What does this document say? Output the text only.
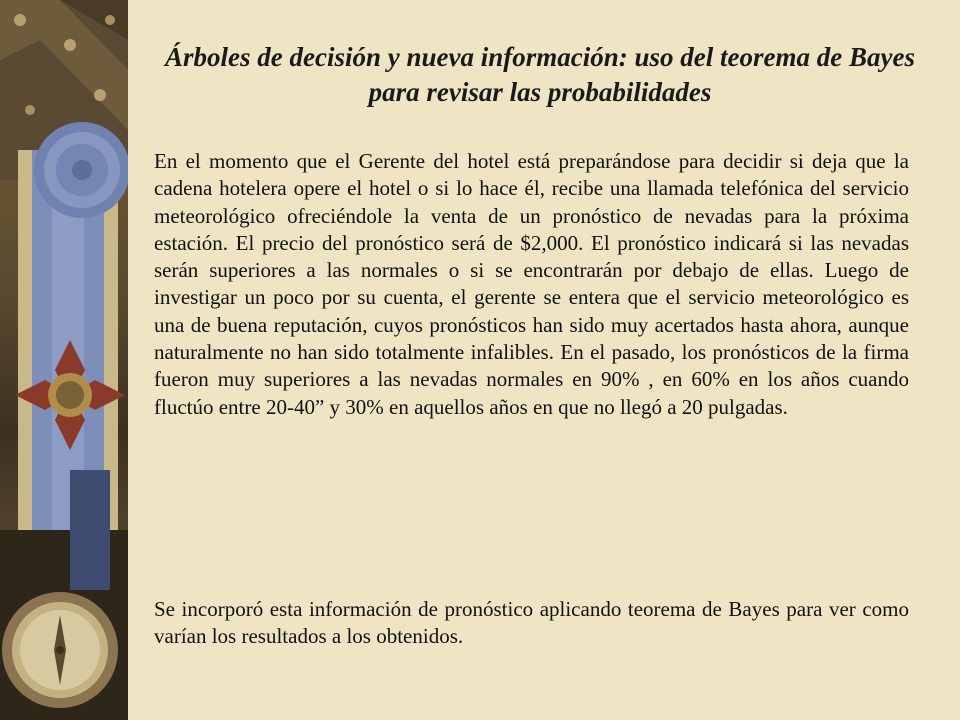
Árboles de decisión y nueva información: uso del teorema de Bayes para revisar las probabilidades

En el momento que el Gerente del hotel está preparándose para decidir si deja que la cadena hotelera opere el hotel o si lo hace él, recibe una llamada telefónica del servicio meteorológico ofreciéndole la venta de un pronóstico de nevadas para la próxima estación. El precio del pronóstico será de $2,000. El pronóstico indicará si las nevadas serán superiores a las normales o si se encontrarán por debajo de ellas. Luego de investigar un poco por su cuenta, el gerente se entera que el servicio meteorológico es una de buena reputación, cuyos pronósticos han sido muy acertados hasta ahora, aunque naturalmente no han sido totalmente infalibles. En el pasado, los pronósticos de la firma fueron muy superiores a las nevadas normales en 90% , en 60% en los años cuando fluctúo entre 20-40” y 30% en aquellos años en que no llegó a 20 pulgadas.

Se incorporó esta información de pronóstico aplicando teorema de Bayes para ver como varían los resultados a los obtenidos.
